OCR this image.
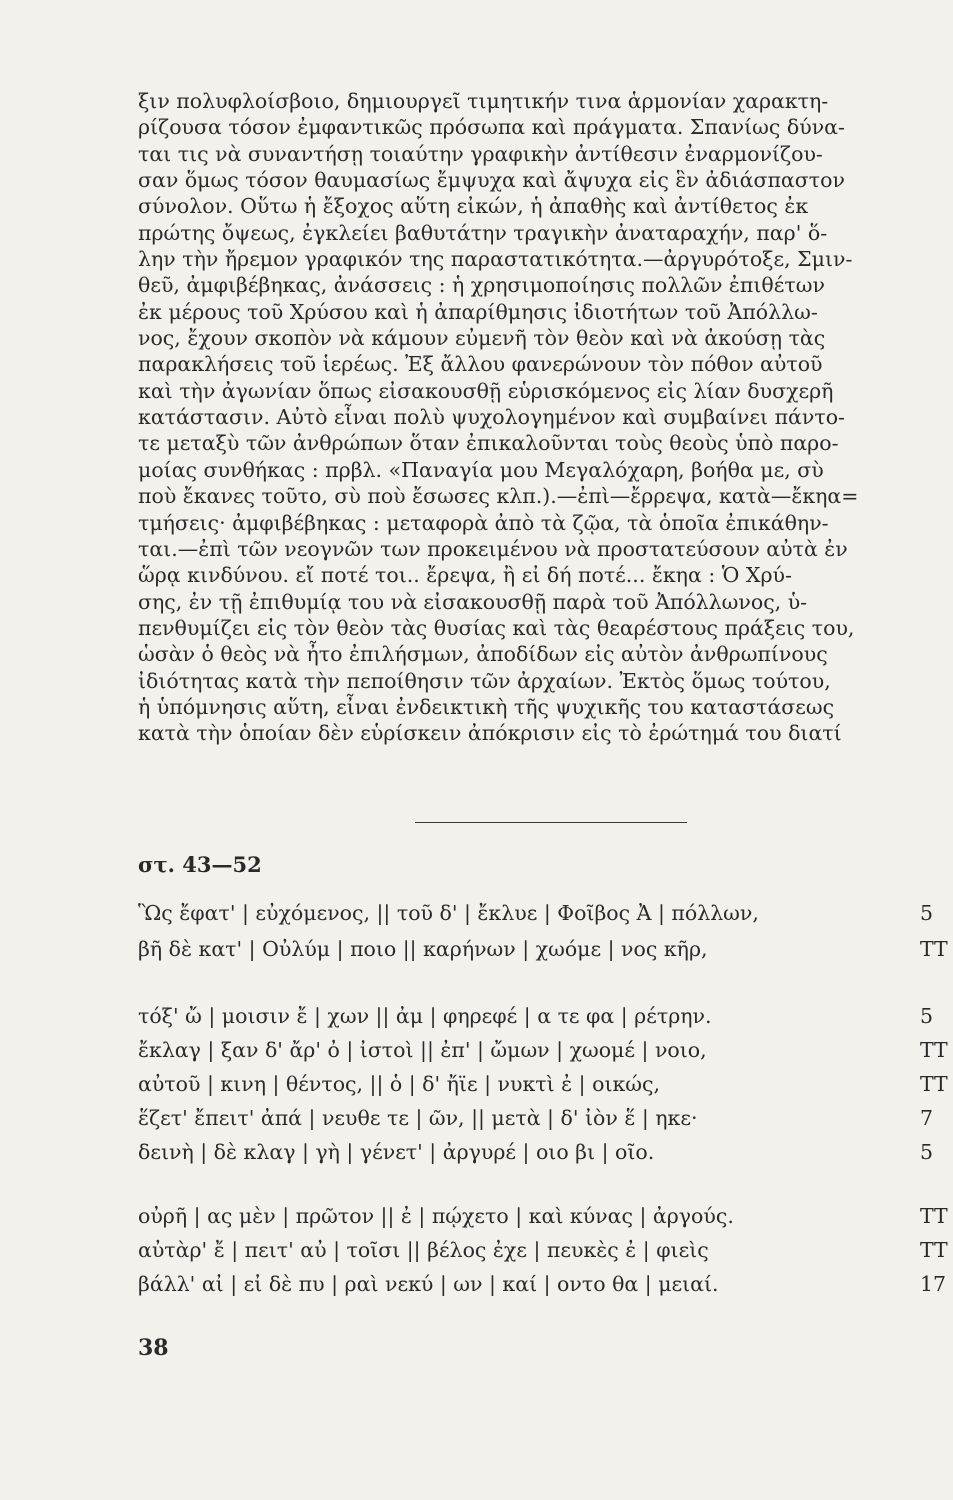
ξιν πολυφλοίσβοιο, δημιουργεῖ τιμητικήν τινα ἁρμονίαν χαρακτη-
ρίζουσα τόσον ἐμφαντικῶς πρόσωπα καὶ πράγματα. Σπανίως δύνα-
ται τις νὰ συναντήσῃ τοιαύτην γραφικὴν ἀντίθεσιν ἐναρμονίζου-
σαν ὅμως τόσον θαυμασίως ἔμψυχα καὶ ἄψυχα εἰς ἓν ἀδιάσπαστον
σύνολον. Οὕτω ἡ ἔξοχος αὕτη εἰκών, ἡ ἀπαθὴς καὶ ἀντίθετος ἐκ
πρώτης ὄψεως, ἐγκλείει βαθυτάτην τραγικὴν ἀναταραχήν, παρ' ὅ-
λην τὴν ἤρεμον γραφικόν της παραστατικότητα.—ἀργυρότοξε, Σμιν-
θεῦ, ἀμφιβέβηκας, ἀνάσσεις : ἡ χρησιμοποίησις πολλῶν ἐπιθέτων
ἐκ μέρους τοῦ Χρύσου καὶ ἡ ἀπαρίθμησις ἰδιοτήτων τοῦ Ἀπόλλω-
νος, ἔχουν σκοπὸν νὰ κάμουν εὐμενῆ τὸν θεὸν καὶ νὰ ἀκούσῃ τὰς
παρακλήσεις τοῦ ἱερέως. Ἐξ ἄλλου φανερώνουν τὸν πόθον αὐτοῦ
καὶ τὴν ἀγωνίαν ὅπως εἰσακουσθῇ εὑρισκόμενος εἰς λίαν δυσχερῆ
κατάστασιν. Αὐτὸ εἶναι πολὺ ψυχολογημένον καὶ συμβαίνει πάντο-
τε μεταξὺ τῶν ἀνθρώπων ὅταν ἐπικαλοῦνται τοὺς θεοὺς ὑπὸ παρο-
μοίας συνθήκας : πρβλ. «Παναγία μου Μεγαλόχαρη, βοήθα με, σὺ
ποὺ ἔκανες τοῦτο, σὺ ποὺ ἔσωσες κλπ.).—ἐπὶ—ἔρρεψα, κατὰ—ἔκηα=
τμήσεις· ἀμφιβέβηκας : μεταφορὰ ἀπὸ τὰ ζῷα, τὰ ὁποῖα ἐπικάθην-
ται.—ἐπὶ τῶν νεογνῶν των προκειμένου νὰ προστατεύσουν αὐτὰ ἐν
ὥρᾳ κινδύνου. εἴ ποτέ τοι.. ἔρεψα, ἢ εἰ δή ποτέ... ἔκηα : Ὁ Χρύ-
σης, ἐν τῇ ἐπιθυμίᾳ του νὰ εἰσακουσθῇ παρὰ τοῦ Ἀπόλλωνος, ὑ-
πενθυμίζει εἰς τὸν θεὸν τὰς θυσίας καὶ τὰς θεαρέστους πράξεις του,
ὡσὰν ὁ θεὸς νὰ ἦτο ἐπιλήσμων, ἀποδίδων εἰς αὐτὸν ἀνθρωπίνους
ἰδιότητας κατὰ τὴν πεποίθησιν τῶν ἀρχαίων. Ἐκτὸς ὅμως τούτου,
ἡ ὑπόμνησις αὕτη, εἶναι ἐνδεικτικὴ τῆς ψυχικῆς του καταστάσεως
κατὰ τὴν ὁποίαν δὲν εὑρίσκειν ἀπόκρισιν εἰς τὸ ἐρώτημά του διατί
στ. 43—52
Ὣς ἔφατ' | εὐχόμενος, || τοῦ δ' | ἔκλυε | Φοῖβος Ἀ | πόλλων,
βῆ δὲ κατ' | Οὐλύμ | ποιο || καρήνων | χωόμε | νος κῆρ,
τόξ' ὤ | μοισιν ἔ | χων || ἀμ | φηρεφέ | α τε φα | ρέτρην.
ἔκλαγ | ξαν δ' ἄρ' ὀ | ἰστοὶ || ἐπ' | ὤμων | χωομέ | νοιο,
αὐτοῦ | κινη | θέντος, || ὁ | δ' ἤϊε | νυκτὶ ἐ | οικώς,
ἕζετ' ἔπειτ' ἀπά | νευθε τε | ῶν, || μετὰ | δ' ἰὸν ἕ | ηκε·
δεινὴ | δὲ κλαγ | γὴ | γένετ' | ἀργυρέ | οιο βι | οῖο.
οὐρῆ | ας μὲν | πρῶτον || ἐ | πῴχετο | καὶ κύνας | ἀργούς.
αὐτὰρ' ἔ | πειτ' αὐ | τοῖσι || βέλος ἐχε | πευκὲς ἐ | φιεὶς
βάλλ' αἰ | εἰ δὲ πυ | ραὶ νεκύ | ων | καί | οντο θα | μειαί.
5
TT
5
TT
TT
7
5
TT
TT
17
38
